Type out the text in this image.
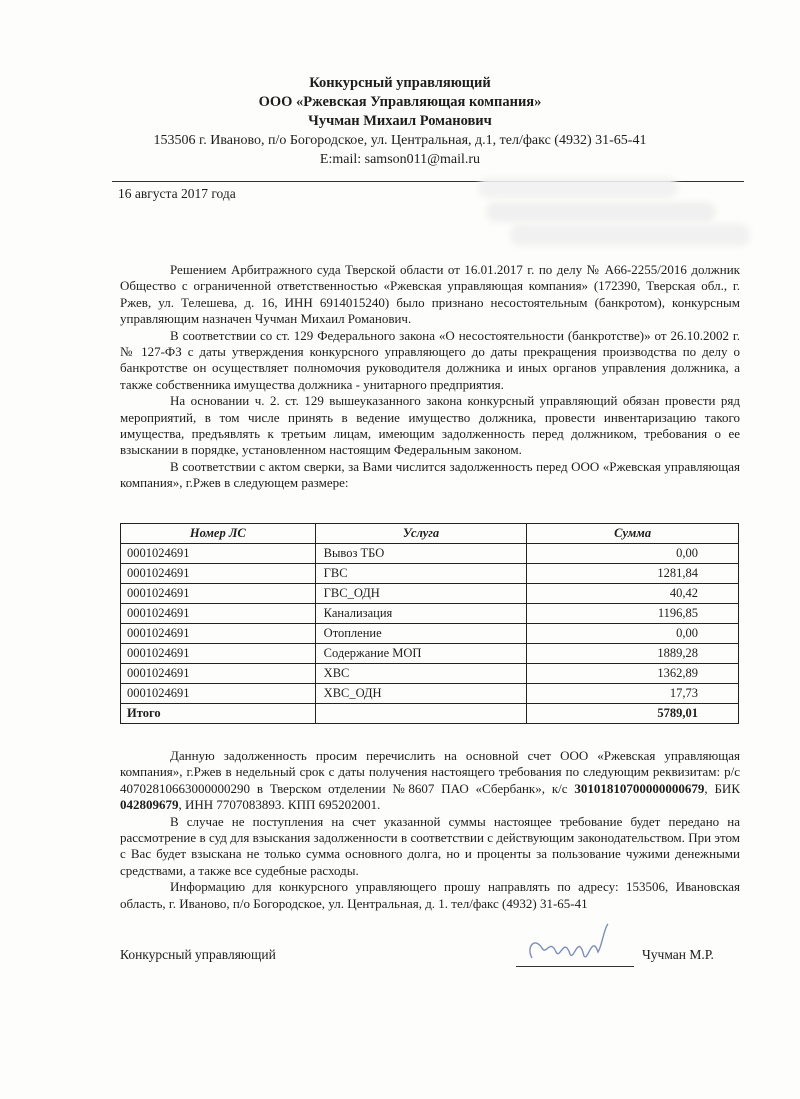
Конкурсный управляющий
ООО «Ржевская Управляющая компания»
Чучман Михаил Романович
153506 г. Иваново, п/о Богородское, ул. Центральная, д.1, тел/факс (4932) 31-65-41
E:mail: samson011@mail.ru
16 августа 2017 года

Решением Арбитражного суда Тверской области от 16.01.2017 г. по делу № А66-2255/2016 должник Общество с ограниченной ответственностью «Ржевская управляющая компания» (172390, Тверская обл., г. Ржев, ул. Телешева, д. 16, ИНН 6914015240) было признано несостоятельным (банкротом), конкурсным управляющим назначен Чучман Михаил Романович.

В соответствии со ст. 129 Федерального закона «О несостоятельности (банкротстве)» от 26.10.2002 г. № 127-ФЗ с даты утверждения конкурсного управляющего до даты прекращения производства по делу о банкротстве он осуществляет полномочия руководителя должника и иных органов управления должника, а также собственника имущества должника - унитарного предприятия.

На основании ч. 2. ст. 129 вышеуказанного закона конкурсный управляющий обязан провести ряд мероприятий, в том числе принять в ведение имущество должника, провести инвентаризацию такого имущества, предъявлять к третьим лицам, имеющим задолженность перед должником, требования о ее взыскании в порядке, установленном настоящим Федеральным законом.

В соответствии с актом сверки, за Вами числится задолженность перед ООО «Ржевская управляющая компания», г.Ржев в следующем размере:

Номер ЛС	Услуга	Сумма
0001024691	Вывоз ТБО	0,00
0001024691	ГВС	1281,84
0001024691	ГВС_ОДН	40,42
0001024691	Канализация	1196,85
0001024691	Отопление	0,00
0001024691	Содержание МОП	1889,28
0001024691	ХВС	1362,89
0001024691	ХВС_ОДН	17,73
Итого		5789,01

Данную задолженность просим перечислить на основной счет ООО «Ржевская управляющая компания», г.Ржев в недельный срок с даты получения настоящего требования по следующим реквизитам: р/с 40702810663000000290 в Тверском отделении №8607 ПАО «Сбербанк», к/с 30101810700000000679, БИК 042809679, ИНН 7707083893. КПП 695202001.

В случае не поступления на счет указанной суммы настоящее требование будет передано на рассмотрение в суд для взыскания задолженности в соответствии с действующим законодательством. При этом с Вас будет взыскана не только сумма основного долга, но и проценты за пользование чужими денежными средствами, а также все судебные расходы.

Информацию для конкурсного управляющего прошу направлять по адресу: 153506, Ивановская область, г. Иваново, п/о Богородское, ул. Центральная, д. 1. тел/факс (4932) 31-65-41

Конкурсный управляющий	Чучман М.Р.
